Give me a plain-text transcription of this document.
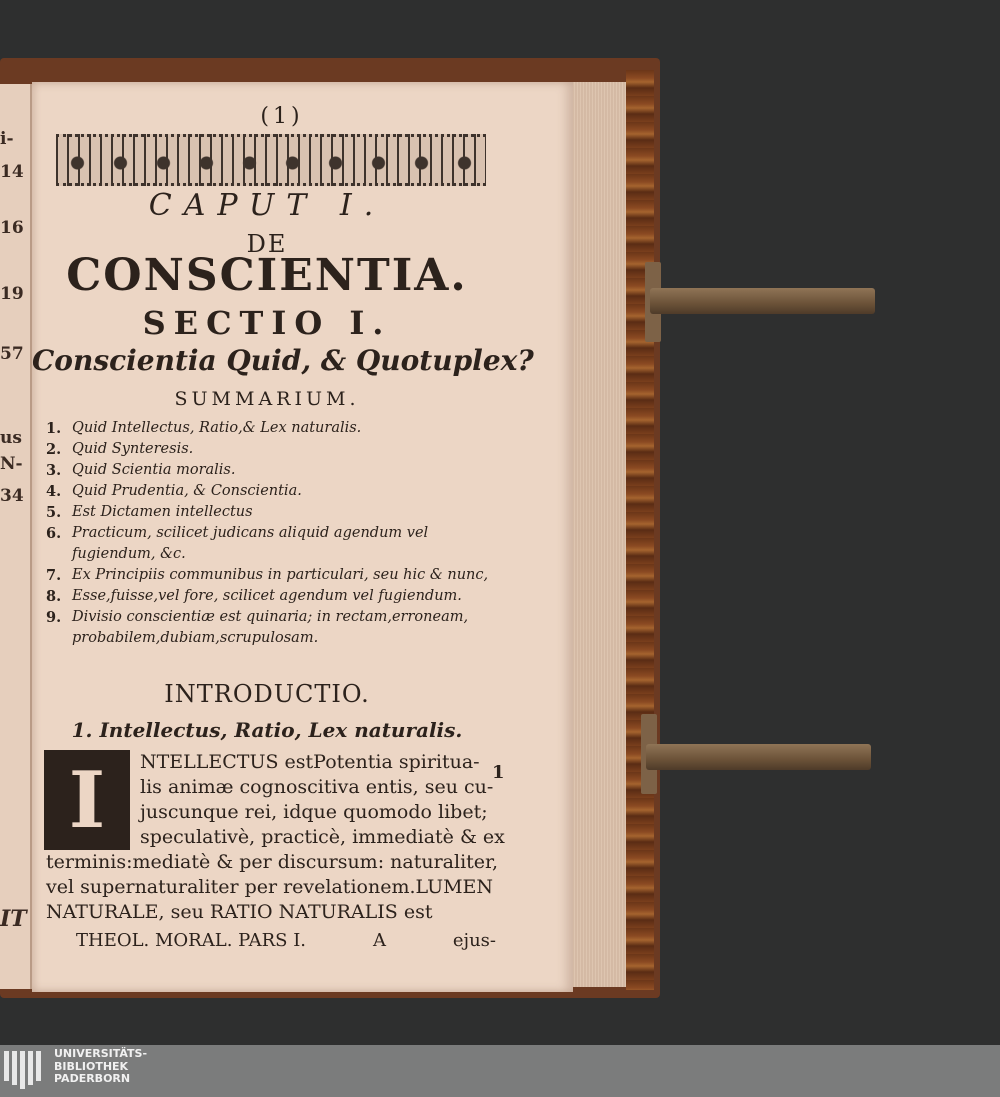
i-
14
16
19
57
us
N-
34
IT
(1)
CAPUT I.
DE
CONSCIENTIA.
SECTIO I.
Conscientia Quid, & Quotuplex?
SUMMARIUM.
1. Quid Intellectus, Ratio,& Lex naturalis.
2. Quid Synteresis.
3. Quid Scientia moralis.
4. Quid Prudentia, & Conscientia.
5. Est Dictamen intellectus
6. Practicum, scilicet judicans aliquid agendum vel fugiendum, &c.
7. Ex Principiis communibus in particulari, seu hic & nunc,
8. Esse,fuisse,vel fore, scilicet agendum vel fugiendum.
9. Divisio conscientiæ est quinaria; in rectam,erroneam, probabilem,dubiam,scrupulosam.
INTRODUCTIO.
1. Intellectus, Ratio, Lex naturalis.
I	NTELLECTUS estPotentia spiritua-
lis animæ cognoscitiva entis, seu cu-
juscunque rei, idque quomodo libet;
speculativè, practicè, immediatè & ex
terminis:mediatè & per discursum: naturaliter,
vel supernaturaliter per revelationem.LUMEN
NATURALE, seu RATIO NATURALIS est
1
THEOL. MORAL. PARS I.	A	ejus-
UNIVERSITÄTS-
BIBLIOTHEK
PADERBORN
